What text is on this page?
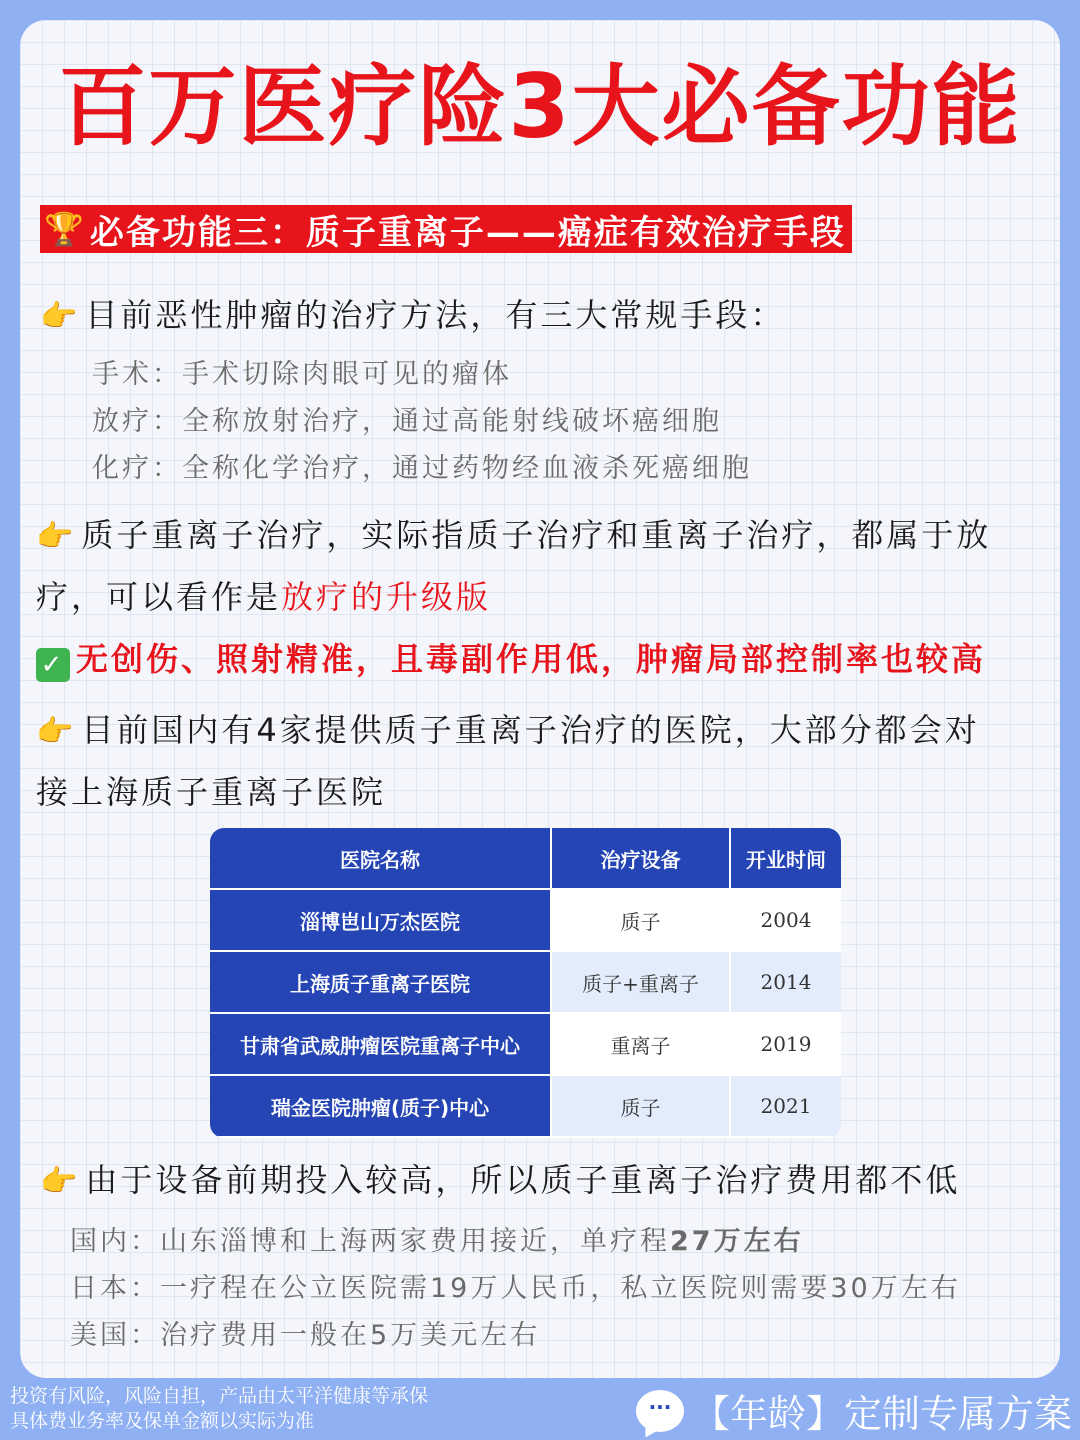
百万医疗险3大必备功能
🏆 必备功能三：质子重离子——癌症有效治疗手段
👉 目前恶性肿瘤的治疗方法，有三大常规手段：
手术：手术切除肉眼可见的瘤体
放疗：全称放射治疗，通过高能射线破坏癌细胞
化疗：全称化学治疗，通过药物经血液杀死癌细胞
👉 质子重离子治疗，实际指质子治疗和重离子治疗，都属于放
疗，可以看作是放疗的升级版
✓ 无创伤、照射精准，且毒副作用低，肿瘤局部控制率也较高
👉 目前国内有4家提供质子重离子治疗的医院，大部分都会对
接上海质子重离子医院
医院名称	治疗设备	开业时间
淄博岜山万杰医院	质子	2004
上海质子重离子医院	质子+重离子	2014
甘肃省武威肿瘤医院重离子中心	重离子	2019
瑞金医院肿瘤(质子)中心	质子	2021
👉 由于设备前期投入较高，所以质子重离子治疗费用都不低
国内：山东淄博和上海两家费用接近，单疗程27万左右
日本：一疗程在公立医院需19万人民币，私立医院则需要30万左右
美国：治疗费用一般在5万美元左右
投资有风险，风险自担，产品由太平洋健康等承保
具体费业务率及保单金额以实际为准
··· 【年龄】定制专属方案
